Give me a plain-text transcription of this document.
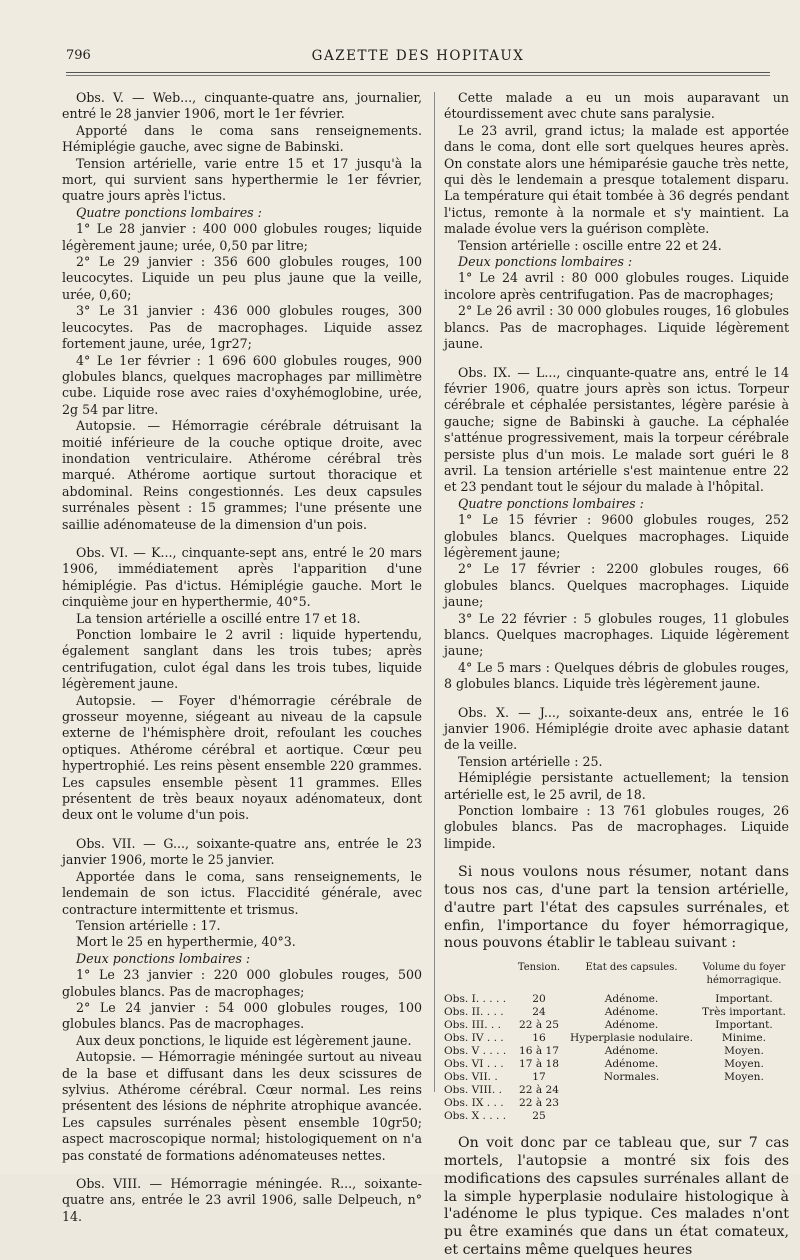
796	GAZETTE DES HOPITAUX

Obs. V. — Web..., cinquante-quatre ans, journalier, entré le 28 janvier 1906, mort le 1er février.

Apporté dans le coma sans renseignements. Hémiplégie gauche, avec signe de Babinski.

Tension artérielle, varie entre 15 et 17 jusqu'à la mort, qui survient sans hyperthermie le 1er février, quatre jours après l'ictus.

Quatre ponctions lombaires :

1° Le 28 janvier : 400 000 globules rouges; liquide légèrement jaune; urée, 0,50 par litre;

2° Le 29 janvier : 356 600 globules rouges, 100 leucocytes. Liquide un peu plus jaune que la veille, urée, 0,60;

3° Le 31 janvier : 436 000 globules rouges, 300 leucocytes. Pas de macrophages. Liquide assez fortement jaune, urée, 1gr27;

4° Le 1er février : 1 696 600 globules rouges, 900 globules blancs, quelques macrophages par millimètre cube. Liquide rose avec raies d'oxyhémoglobine, urée, 2g 54 par litre.

Autopsie. — Hémorragie cérébrale détruisant la moitié inférieure de la couche optique droite, avec inondation ventriculaire. Athérome cérébral très marqué. Athérome aortique surtout thoracique et abdominal. Reins congestionnés. Les deux capsules surrénales pèsent : 15 grammes; l'une présente une saillie adénomateuse de la dimension d'un pois.

Obs. VI. — K..., cinquante-sept ans, entré le 20 mars 1906, immédiatement après l'apparition d'une hémiplégie. Pas d'ictus. Hémiplégie gauche. Mort le cinquième jour en hyperthermie, 40°5.

La tension artérielle a oscillé entre 17 et 18.

Ponction lombaire le 2 avril : liquide hypertendu, également sanglant dans les trois tubes; après centrifugation, culot égal dans les trois tubes, liquide légèrement jaune.

Autopsie. — Foyer d'hémorragie cérébrale de grosseur moyenne, siégeant au niveau de la capsule externe de l'hémisphère droit, refoulant les couches optiques. Athérome cérébral et aortique. Cœur peu hypertrophié. Les reins pèsent ensemble 220 grammes. Les capsules ensemble pèsent 11 grammes. Elles présentent de très beaux noyaux adénomateux, dont deux ont le volume d'un pois.

Obs. VII. — G..., soixante-quatre ans, entrée le 23 janvier 1906, morte le 25 janvier.

Apportée dans le coma, sans renseignements, le lendemain de son ictus. Flaccidité générale, avec contracture intermittente et trismus.

Tension artérielle : 17.

Mort le 25 en hyperthermie, 40°3.

Deux ponctions lombaires :

1° Le 23 janvier : 220 000 globules rouges, 500 globules blancs. Pas de macrophages;

2° Le 24 janvier : 54 000 globules rouges, 100 globules blancs. Pas de macrophages.

Aux deux ponctions, le liquide est légèrement jaune.

Autopsie. — Hémorragie méningée surtout au niveau de la base et diffusant dans les deux scissures de sylvius. Athérome cérébral. Cœur normal. Les reins présentent des lésions de néphrite atrophique avancée. Les capsules surrénales pèsent ensemble 10gr50; aspect macroscopique normal; histologiquement on n'a pas constaté de formations adénomateuses nettes.

Obs. VIII. — Hémorragie méningée. R..., soixante-quatre ans, entrée le 23 avril 1906, salle Delpeuch, n° 14.

Cette malade a eu un mois auparavant un étourdissement avec chute sans paralysie.

Le 23 avril, grand ictus; la malade est apportée dans le coma, dont elle sort quelques heures après. On constate alors une hémiparésie gauche très nette, qui dès le lendemain a presque totalement disparu. La température qui était tombée à 36 degrés pendant l'ictus, remonte à la normale et s'y maintient. La malade évolue vers la guérison complète.

Tension artérielle : oscille entre 22 et 24.

Deux ponctions lombaires :

1° Le 24 avril : 80 000 globules rouges. Liquide incolore après centrifugation. Pas de macrophages;

2° Le 26 avril : 30 000 globules rouges, 16 globules blancs. Pas de macrophages. Liquide légèrement jaune.

Obs. IX. — L..., cinquante-quatre ans, entré le 14 février 1906, quatre jours après son ictus. Torpeur cérébrale et céphalée persistantes, légère parésie à gauche; signe de Babinski à gauche. La céphalée s'atténue progressivement, mais la torpeur cérébrale persiste plus d'un mois. Le malade sort guéri le 8 avril. La tension artérielle s'est maintenue entre 22 et 23 pendant tout le séjour du malade à l'hôpital.

Quatre ponctions lombaires :

1° Le 15 février : 9600 globules rouges, 252 globules blancs. Quelques macrophages. Liquide légèrement jaune;

2° Le 17 février : 2200 globules rouges, 66 globules blancs. Quelques macrophages. Liquide jaune;

3° Le 22 février : 5 globules rouges, 11 globules blancs. Quelques macrophages. Liquide légèrement jaune;

4° Le 5 mars : Quelques débris de globules rouges, 8 globules blancs. Liquide très légèrement jaune.

Obs. X. — J..., soixante-deux ans, entrée le 16 janvier 1906. Hémiplégie droite avec aphasie datant de la veille.

Tension artérielle : 25.

Hémiplégie persistante actuellement; la tension artérielle est, le 25 avril, de 18.

Ponction lombaire : 13 761 globules rouges, 26 globules blancs. Pas de macrophages. Liquide limpide.

Si nous voulons nous résumer, notant dans tous nos cas, d'une part la tension artérielle, d'autre part l'état des capsules surrénales, et enfin, l'importance du foyer hémorragique, nous pouvons établir le tableau suivant :

	Tension.	Etat des capsules.	Volume du foyer hémorragique.
Obs. I. . . . .	20	Adénome.	Important.
Obs. II. . . .	24	Adénome.	Très important.
Obs. III. . .	22 à 25	Adénome.	Important.
Obs. IV . . .	16	Hyperplasie nodulaire.	Minime.
Obs. V . . . .	16 à 17	Adénome.	Moyen.
Obs. VI . . .	17 à 18	Adénome.	Moyen.
Obs. VII. .	17	Normales.	Moyen.
Obs. VIII. .	22 à 24		
Obs. IX . . .	22 à 23		
Obs. X . . . .	25		

On voit donc par ce tableau que, sur 7 cas mortels, l'autopsie a montré six fois des modifications des capsules surrénales allant de la simple hyperplasie nodulaire histologique à l'adénome le plus typique. Ces malades n'ont pu être examinés que dans un état comateux, et certains même quelques heures
